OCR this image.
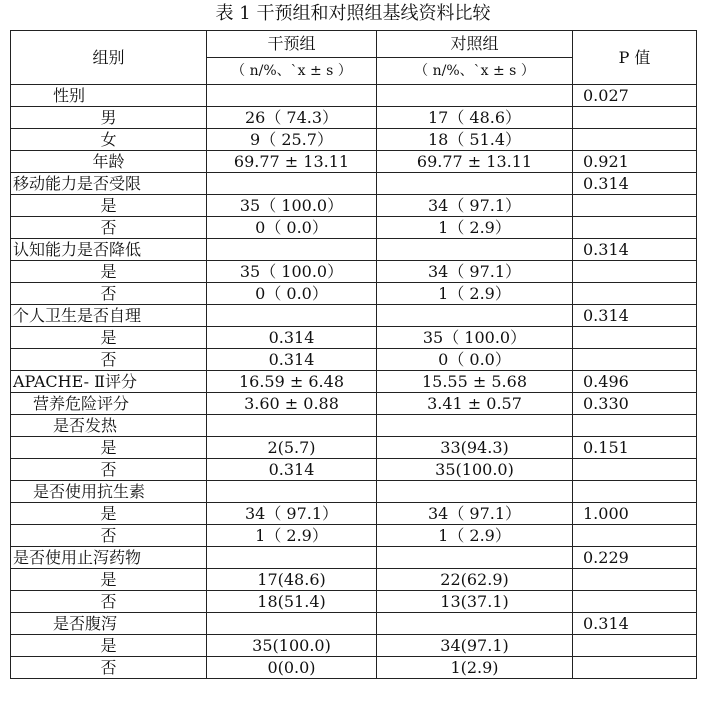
表 1 干预组和对照组基线资料比较
组别	干预组	对照组	P 值
	（ n/%、`x ± s ）	（ n/%、`x ± s ）	
性别			0.027
男	26（ 74.3）	17（ 48.6）	
女	9（ 25.7）	18（ 51.4）	
年龄	69.77 ± 13.11	69.77 ± 13.11	0.921
移动能力是否受限			0.314
是	35（ 100.0）	34（ 97.1）	
否	0（ 0.0）	1（ 2.9）	
认知能力是否降低			0.314
是	35（ 100.0）	34（ 97.1）	
否	0（ 0.0）	1（ 2.9）	
个人卫生是否自理			0.314
是	0.314	35（ 100.0）	
否	0.314	0（ 0.0）	
APACHE- Ⅱ评分	16.59 ± 6.48	15.55 ± 5.68	0.496
营养危险评分	3.60 ± 0.88	3.41 ± 0.57	0.330
是否发热			
是	2(5.7)	33(94.3)	0.151
否	0.314	35(100.0)	
是否使用抗生素			
是	34（ 97.1）	34（ 97.1）	1.000
否	1（ 2.9）	1（ 2.9）	
是否使用止泻药物			0.229
是	17(48.6)	22(62.9)	
否	18(51.4)	13(37.1)	
是否腹泻			0.314
是	35(100.0)	34(97.1)	
否	0(0.0)	1(2.9)	
